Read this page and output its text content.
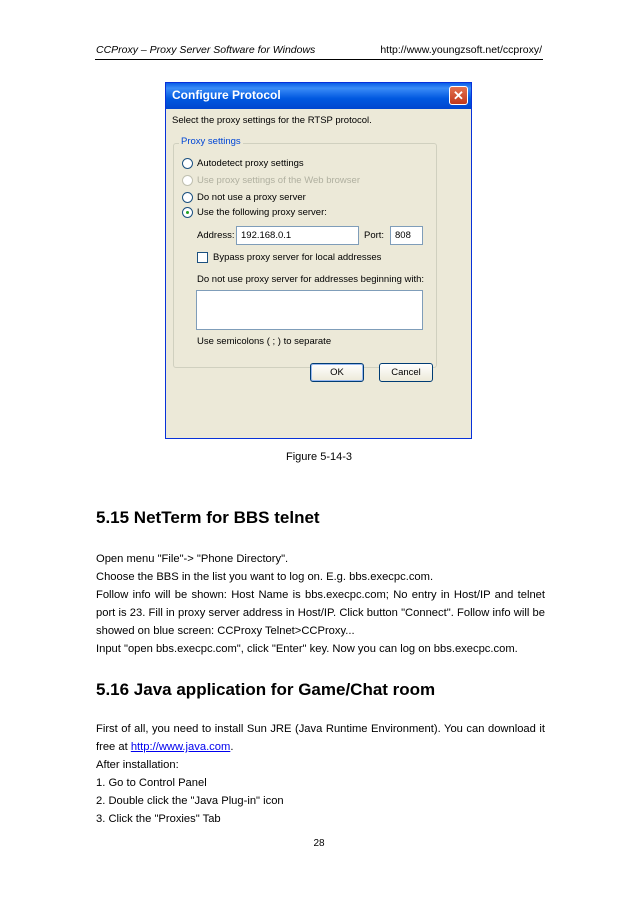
CCProxy – Proxy Server Software for Windows	http://www.youngzsoft.net/ccproxy/
Configure Protocol	✕
Select the proxy settings for the RTSP protocol.
Proxy settings
Autodetect proxy settings
Use proxy settings of the Web browser
Do not use a proxy server
Use the following proxy server:
Address: 192.168.0.1	Port:	808
Bypass proxy server for local addresses
Do not use proxy server for addresses beginning with:
Use semicolons ( ; ) to separate
OK	Cancel
Figure 5-14-3
5.15 NetTerm for BBS telnet
Open menu "File"-> "Phone Directory".
Choose the BBS in the list you want to log on. E.g. bbs.execpc.com.
Follow info will be shown: Host Name is bbs.execpc.com; No entry in Host/IP and telnet port is 23. Fill in proxy server address in Host/IP. Click button "Connect". Follow info will be showed on blue screen: CCProxy Telnet>CCProxy...
Input "open bbs.execpc.com", click "Enter" key. Now you can log on bbs.execpc.com.
5.16 Java application for Game/Chat room
First of all, you need to install Sun JRE (Java Runtime Environment). You can download it free at http://www.java.com.
After installation:
1. Go to Control Panel
2. Double click the "Java Plug-in" icon
3. Click the "Proxies" Tab
28
